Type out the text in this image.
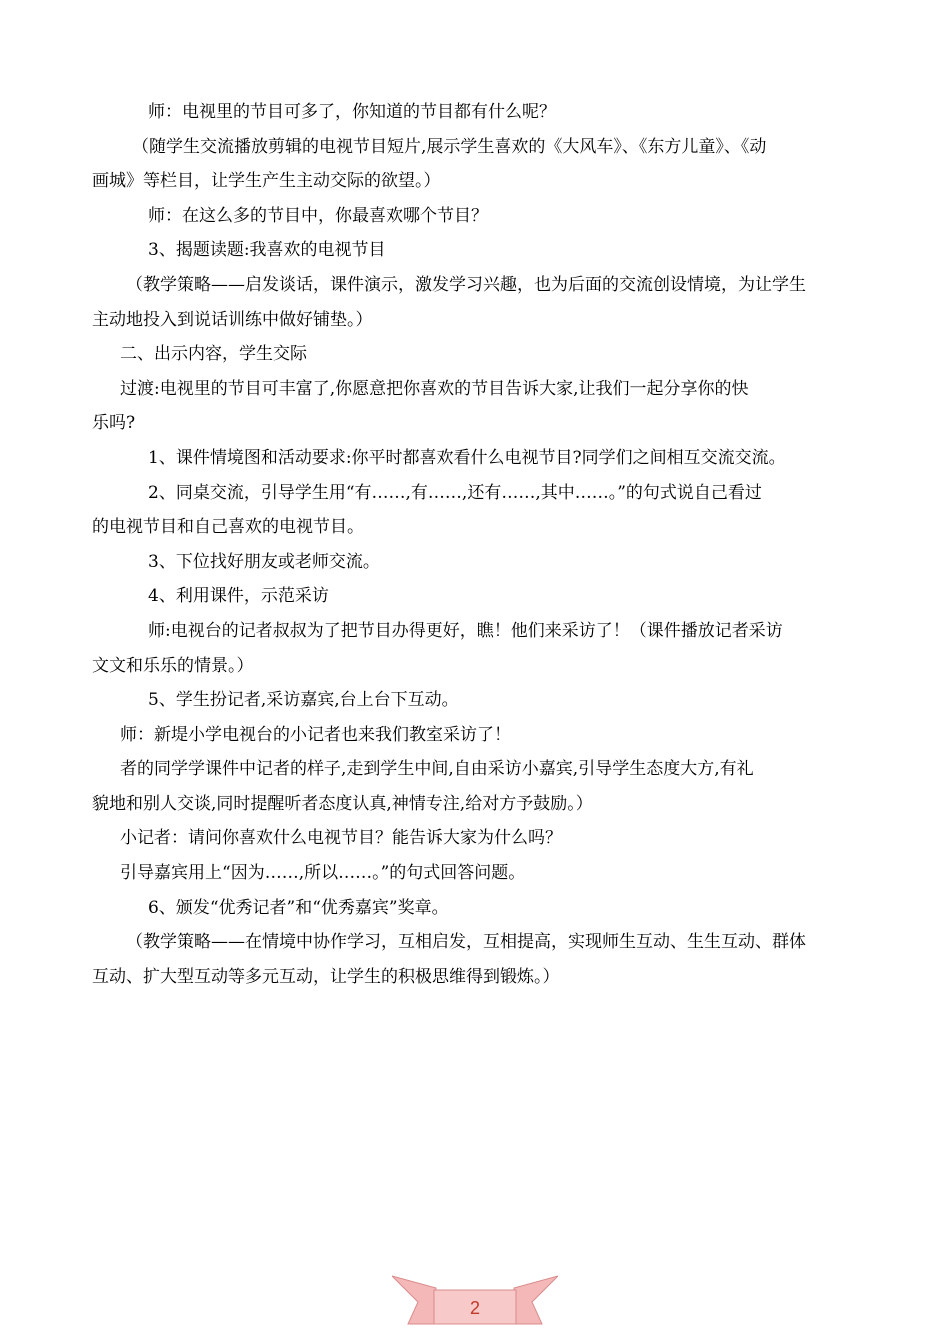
师：电视里的节目可多了，你知道的节目都有什么呢？
（随学生交流播放剪辑的电视节目短片,展示学生喜欢的《大风车》、《东方儿童》、《动
画城》等栏目，让学生产生主动交际的欲望。）
师：在这么多的节目中，你最喜欢哪个节目？
3、揭题读题:我喜欢的电视节目
（教学策略——启发谈话，课件演示，激发学习兴趣，也为后面的交流创设情境，为让学生
主动地投入到说话训练中做好铺垫。）
二、出示内容，学生交际
过渡:电视里的节目可丰富了,你愿意把你喜欢的节目告诉大家,让我们一起分享你的快
乐吗?
1、课件情境图和活动要求:你平时都喜欢看什么电视节目?同学们之间相互交流交流。
2、同桌交流，引导学生用“有……,有……,还有……,其中……。”的句式说自己看过
的电视节目和自己喜欢的电视节目。
3、下位找好朋友或老师交流。
4、利用课件，示范采访
师:电视台的记者叔叔为了把节目办得更好，瞧！他们来采访了！（课件播放记者采访
文文和乐乐的情景。）
5、学生扮记者,采访嘉宾,台上台下互动。
师：新堤小学电视台的小记者也来我们教室采访了！
者的同学学课件中记者的样子,走到学生中间,自由采访小嘉宾,引导学生态度大方,有礼
貌地和别人交谈,同时提醒听者态度认真,神情专注,给对方予鼓励。）
小记者：请问你喜欢什么电视节目？能告诉大家为什么吗？
引导嘉宾用上“因为……,所以……。”的句式回答问题。
6、颁发“优秀记者”和“优秀嘉宾”奖章。
（教学策略——在情境中协作学习，互相启发，互相提高，实现师生互动、生生互动、群体
互动、扩大型互动等多元互动，让学生的积极思维得到锻炼。）
2
